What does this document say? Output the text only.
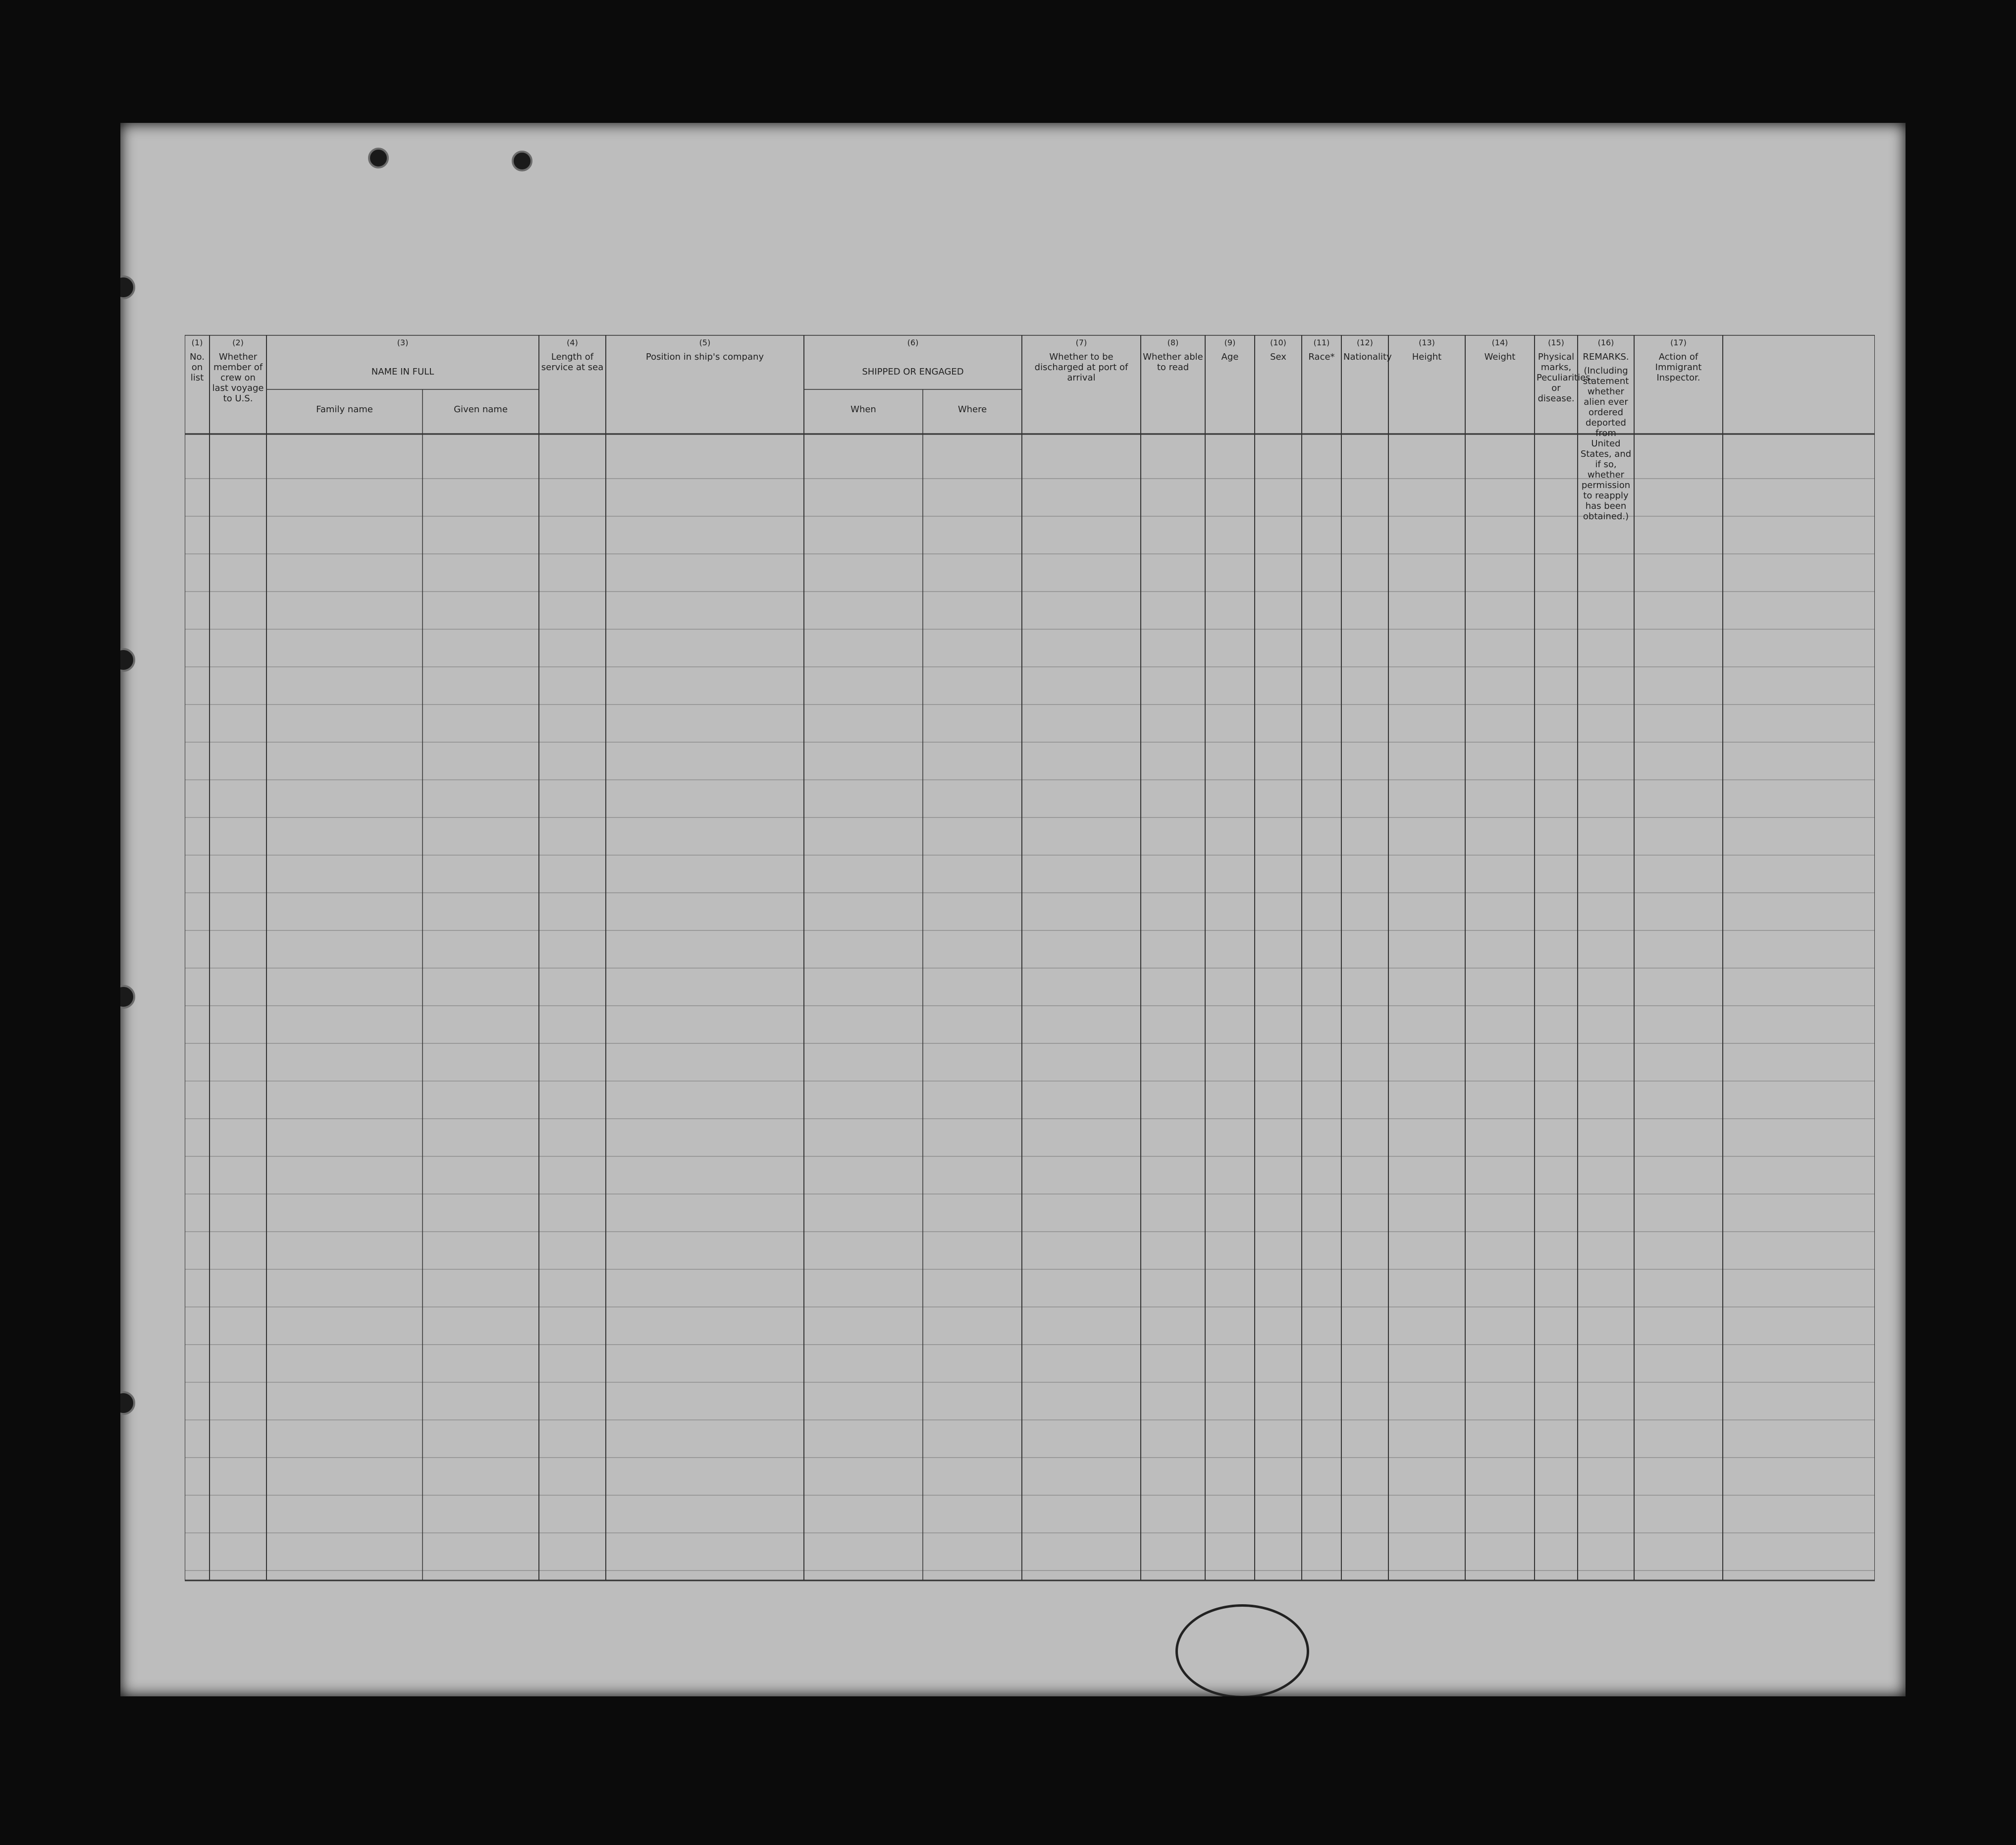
(1)
No. on list
(2)
Whether member of crew on last voyage to U.S.
(3)
NAME IN FULL
Family name	Given name
(4)
Length of service at sea
(5)
Position in ship's company
(6)
SHIPPED OR ENGAGED
When	Where
(7)
Whether to be discharged at port of arrival
(8)
Whether able to read
(9)
Age
(10)
Sex
(11)
Race*
(12)
Nationality
(13)
Height
(14)
Weight
(15)
Physical marks, Peculiarities, or disease.
(16)
REMARKS.
(17)
Action of Immigrant Inspector.
(Including statement whether alien ever ordered deported from United States, and if so, whether permission to reapply has been obtained.)
